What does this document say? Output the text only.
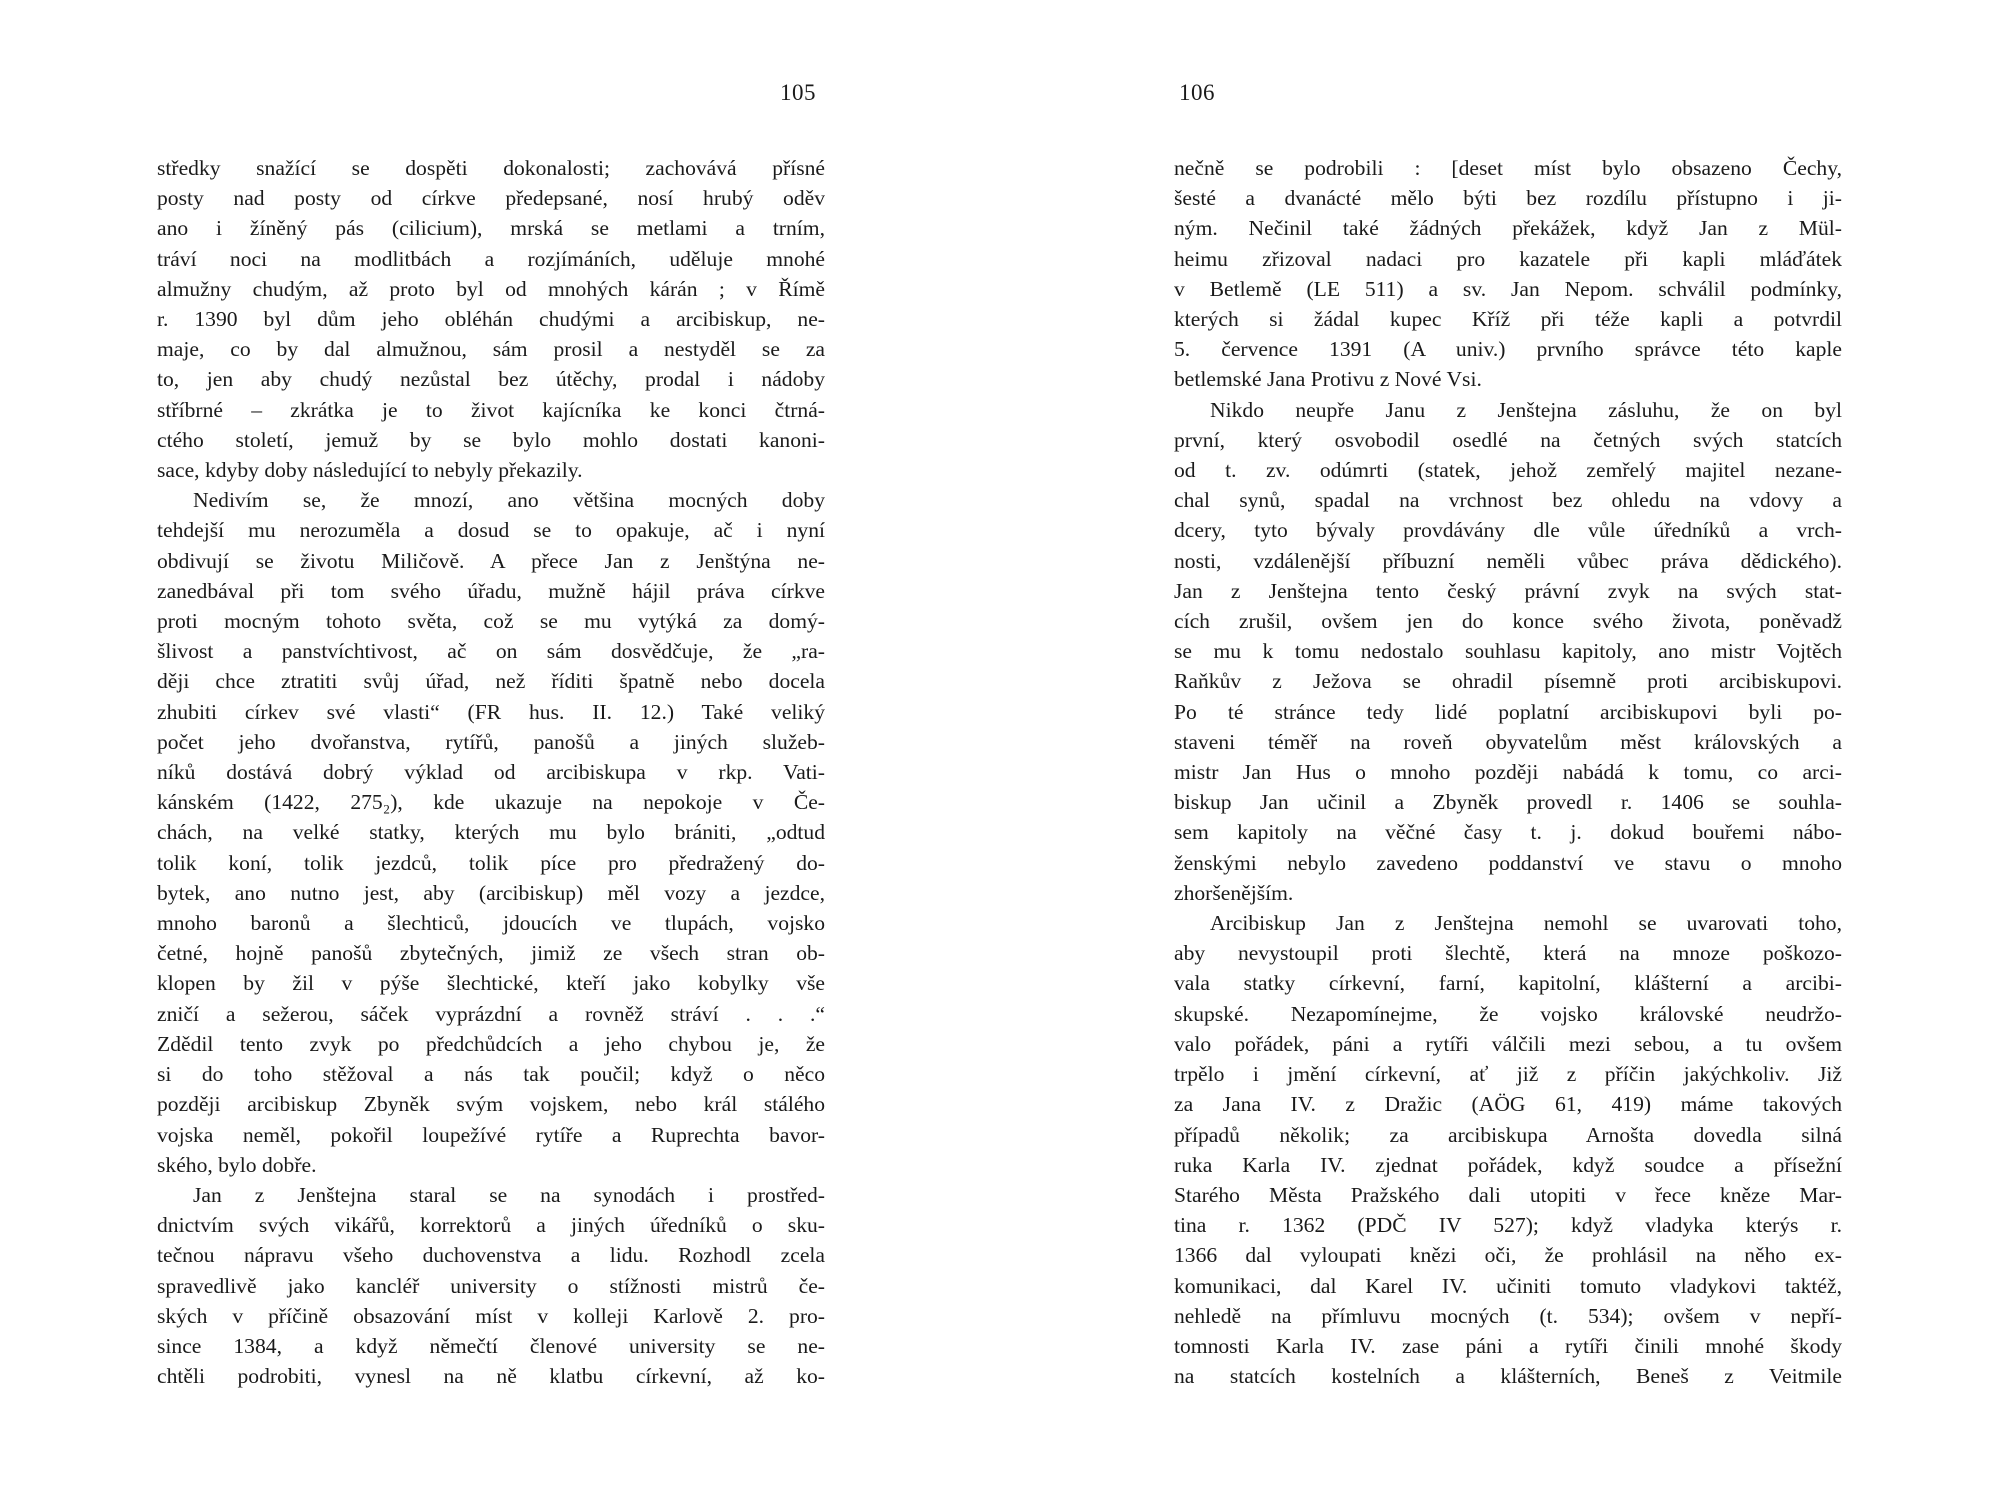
105
středky snažící se dospěti dokonalosti; zachovává přísné
posty nad posty od církve předepsané, nosí hrubý oděv
ano i žíněný pás (cilicium), mrská se metlami a trním,
tráví noci na modlitbách a rozjímáních, uděluje mnohé
almužny chudým, až proto byl od mnohých kárán ; v Římě
r. 1390 byl dům jeho obléhán chudými a arcibiskup, ne-
maje, co by dal almužnou, sám prosil a nestyděl se za
to, jen aby chudý nezůstal bez útěchy, prodal i nádoby
stříbrné – zkrátka je to život kajícníka ke konci čtrná-
ctého století, jemuž by se bylo mohlo dostati kanoni-
sace, kdyby doby následující to nebyly překazily.
Nedivím se, že mnozí, ano většina mocných doby
tehdejší mu nerozuměla a dosud se to opakuje, ač i nyní
obdivují se životu Miličově. A přece Jan z Jenštýna ne-
zanedbával při tom svého úřadu, mužně hájil práva církve
proti mocným tohoto světa, což se mu vytýká za domý-
šlivost a panstvíchtivost, ač on sám dosvědčuje, že „ra-
ději chce ztratiti svůj úřad, než říditi špatně nebo docela
zhubiti církev své vlasti“ (FR hus. II. 12.) Také veliký
počet jeho dvořanstva, rytířů, panošů a jiných služeb-
níků dostává dobrý výklad od arcibiskupa v rkp. Vati-
kánském (1422, 275₂), kde ukazuje na nepokoje v Če-
chách, na velké statky, kterých mu bylo brániti, „odtud
tolik koní, tolik jezdců, tolik píce pro předražený do-
bytek, ano nutno jest, aby (arcibiskup) měl vozy a jezdce,
mnoho baronů a šlechticů, jdoucích ve tlupách, vojsko
četné, hojně panošů zbytečných, jimiž ze všech stran ob-
klopen by žil v pýše šlechtické, kteří jako kobylky vše
zničí a sežerou, sáček vyprázdní a rovněž stráví . . .“
Zdědil tento zvyk po předchůdcích a jeho chybou je, že
si do toho stěžoval a nás tak poučil; když o něco
později arcibiskup Zbyněk svým vojskem, nebo král stálého
vojska neměl, pokořil loupežívé rytíře a Ruprechta bavor-
ského, bylo dobře.
Jan z Jenštejna staral se na synodách i prostřed-
dnictvím svých vikářů, korrektorů a jiných úředníků o sku-
tečnou nápravu všeho duchovenstva a lidu. Rozhodl zcela
spravedlivě jako kancléř university o stížnosti mistrů če-
ských v příčině obsazování míst v kolleji Karlově 2. pro-
since 1384, a když němečtí členové university se ne-
chtěli podrobiti, vynesl na ně klatbu církevní, až ko-
106
nečně se podrobili : [deset míst bylo obsazeno Čechy,
šesté a dvanácté mělo býti bez rozdílu přístupno i ji-
ným. Nečinil také žádných překážek, když Jan z Mül-
heimu zřizoval nadaci pro kazatele při kapli mláďátek
v Betlemě (LE 511) a sv. Jan Nepom. schválil podmínky,
kterých si žádal kupec Kříž při téže kapli a potvrdil
5. července 1391 (A univ.) prvního správce této kaple
betlemské Jana Protivu z Nové Vsi.
Nikdo neupře Janu z Jenštejna zásluhu, že on byl
první, který osvobodil osedlé na četných svých statcích
od t. zv. odúmrti (statek, jehož zemřelý majitel nezane-
chal synů, spadal na vrchnost bez ohledu na vdovy a
dcery, tyto bývaly provdávány dle vůle úředníků a vrch-
nosti, vzdálenější příbuzní neměli vůbec práva dědického).
Jan z Jenštejna tento český právní zvyk na svých stat-
cích zrušil, ovšem jen do konce svého života, poněvadž
se mu k tomu nedostalo souhlasu kapitoly, ano mistr Vojtěch
Raňkův z Ježova se ohradil písemně proti arcibiskupovi.
Po té stránce tedy lidé poplatní arcibiskupovi byli po-
staveni téměř na roveň obyvatelům měst královských a
mistr Jan Hus o mnoho později nabádá k tomu, co arci-
biskup Jan učinil a Zbyněk provedl r. 1406 se souhla-
sem kapitoly na věčné časy t. j. dokud bouřemi nábo-
ženskými nebylo zavedeno poddanství ve stavu o mnoho
zhoršenějším.
Arcibiskup Jan z Jenštejna nemohl se uvarovati toho,
aby nevystoupil proti šlechtě, která na mnoze poškozo-
vala statky církevní, farní, kapitolní, klášterní a arcibi-
skupské. Nezapomínejme, že vojsko královské neudržo-
valo pořádek, páni a rytíři válčili mezi sebou, a tu ovšem
trpělo i jmění církevní, ať již z příčin jakýchkoliv. Již
za Jana IV. z Dražic (AÖG 61, 419) máme takových
případů několik; za arcibiskupa Arnošta dovedla silná
ruka Karla IV. zjednat pořádek, když soudce a přísežní
Starého Města Pražského dali utopiti v řece kněze Mar-
tina r. 1362 (PDČ IV 527); když vladyka kterýs r.
1366 dal vyloupati knězi oči, že prohlásil na něho ex-
komunikaci, dal Karel IV. učiniti tomuto vladykovi taktéž,
nehledě na přímluvu mocných (t. 534); ovšem v nepří-
tomnosti Karla IV. zase páni a rytíři činili mnohé škody
na statcích kostelních a klášterních, Beneš z Veitmile
